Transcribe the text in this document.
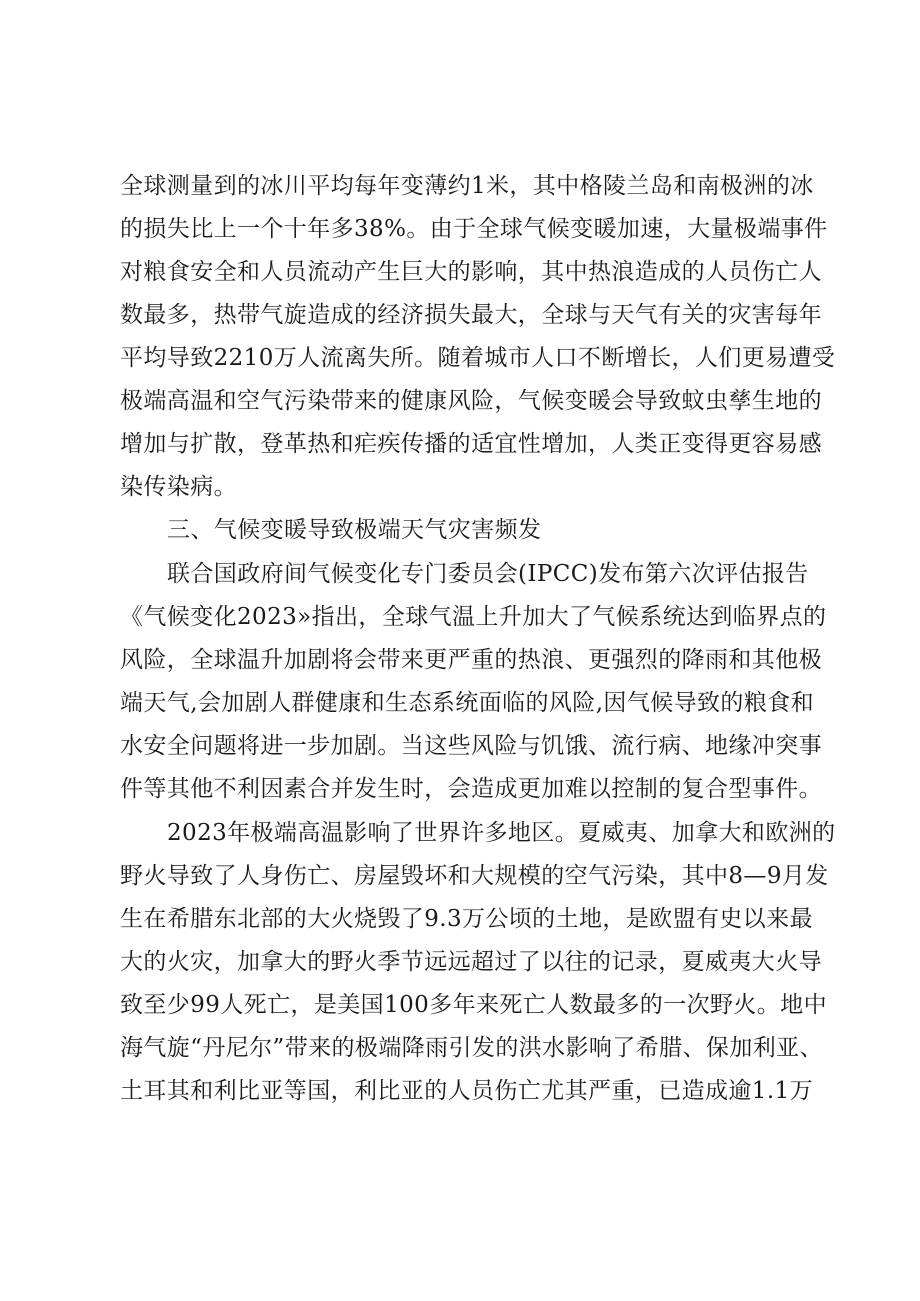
全球测量到的冰川平均每年变薄约1米，其中格陵兰岛和南极洲的冰
的损失比上一个十年多38%。由于全球气候变暖加速，大量极端事件
对粮食安全和人员流动产生巨大的影响，其中热浪造成的人员伤亡人
数最多，热带气旋造成的经济损失最大，全球与天气有关的灾害每年
平均导致2210万人流离失所。随着城市人口不断增长，人们更易遭受
极端高温和空气污染带来的健康风险，气候变暖会导致蚊虫孳生地的
增加与扩散，登革热和疟疾传播的适宜性增加，人类正变得更容易感
染传染病。
三、气候变暖导致极端天气灾害频发
联合国政府间气候变化专门委员会(IPCC)发布第六次评估报告
《气候变化2023»指出，全球气温上升加大了气候系统达到临界点的
风险，全球温升加剧将会带来更严重的热浪、更强烈的降雨和其他极
端天气,会加剧人群健康和生态系统面临的风险,因气候导致的粮食和
水安全问题将进一步加剧。当这些风险与饥饿、流行病、地缘冲突事
件等其他不利因素合并发生时，会造成更加难以控制的复合型事件。
2023年极端高温影响了世界许多地区。夏威夷、加拿大和欧洲的
野火导致了人身伤亡、房屋毁坏和大规模的空气污染，其中8—9月发
生在希腊东北部的大火烧毁了9.3万公顷的土地，是欧盟有史以来最
大的火灾，加拿大的野火季节远远超过了以往的记录，夏威夷大火导
致至少99人死亡，是美国100多年来死亡人数最多的一次野火。地中
海气旋“丹尼尔”带来的极端降雨引发的洪水影响了希腊、保加利亚、
土耳其和利比亚等国，利比亚的人员伤亡尤其严重，已造成逾1.1万
